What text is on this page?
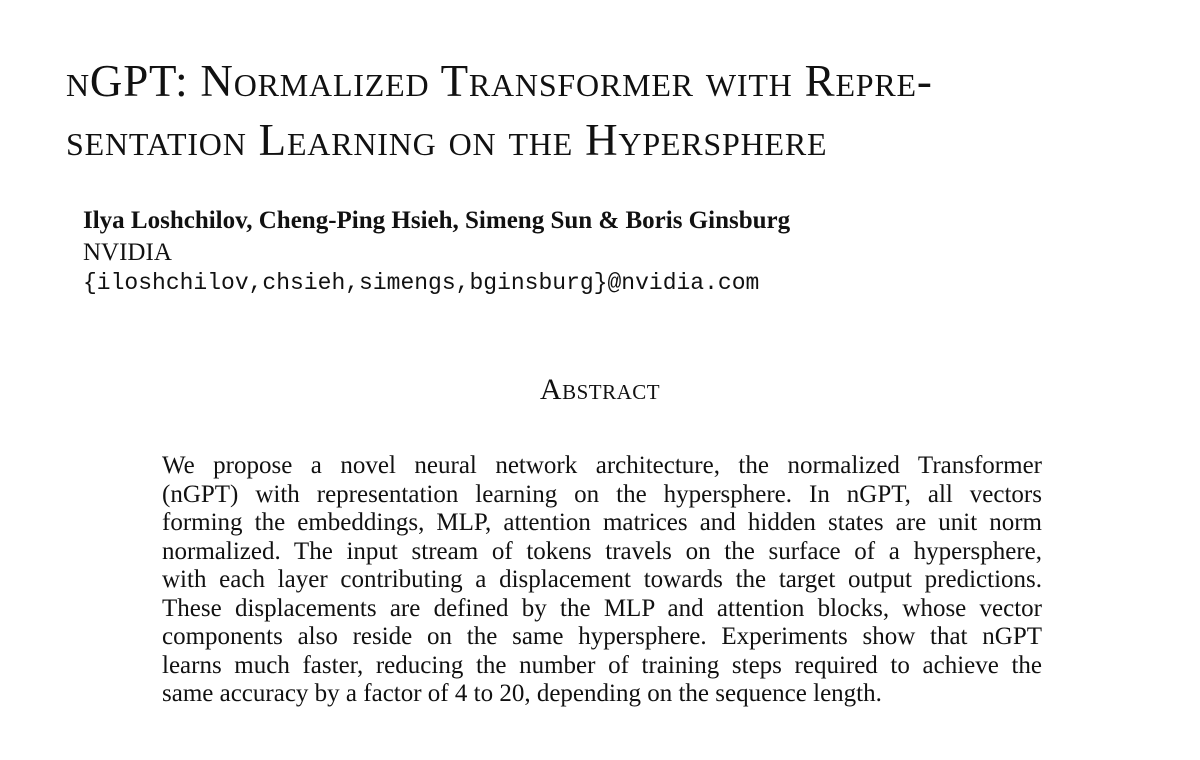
nGPT: Normalized Transformer with Repre-
sentation Learning on the Hypersphere
Ilya Loshchilov, Cheng-Ping Hsieh, Simeng Sun & Boris Ginsburg
NVIDIA
{iloshchilov,chsieh,simengs,bginsburg}@nvidia.com
Abstract
We propose a novel neural network architecture, the normalized Transformer
(nGPT) with representation learning on the hypersphere. In nGPT, all vectors
forming the embeddings, MLP, attention matrices and hidden states are unit norm
normalized. The input stream of tokens travels on the surface of a hypersphere,
with each layer contributing a displacement towards the target output predictions.
These displacements are defined by the MLP and attention blocks, whose vector
components also reside on the same hypersphere. Experiments show that nGPT
learns much faster, reducing the number of training steps required to achieve the
same accuracy by a factor of 4 to 20, depending on the sequence length.
